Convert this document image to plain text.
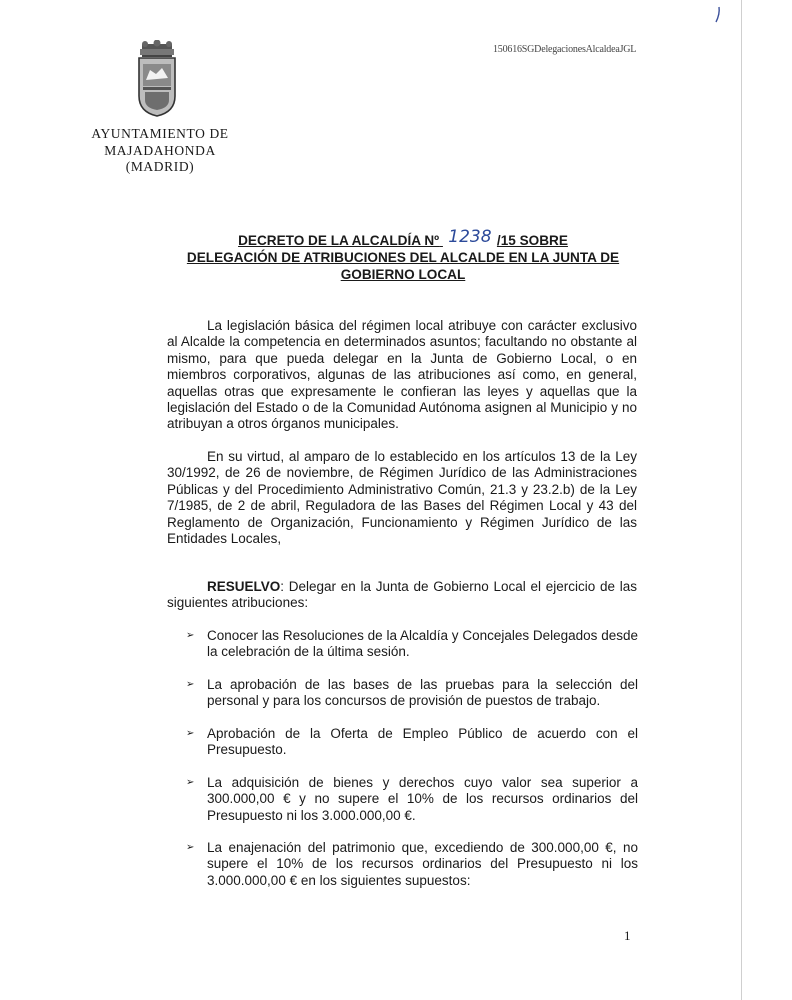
150616SGDelegacionesAlcaldeaJGL
AYUNTAMIENTO DE
MAJADAHONDA
(MADRID)
DECRETO DE LA ALCALDÍA Nº 1238 /15 SOBRE
DELEGACIÓN DE ATRIBUCIONES DEL ALCALDE EN LA JUNTA DE
GOBIERNO LOCAL
La legislación básica del régimen local atribuye con carácter exclusivo al Alcalde la competencia en determinados asuntos; facultando no obstante al mismo, para que pueda delegar en la Junta de Gobierno Local, o en miembros corporativos, algunas de las atribuciones así como, en general, aquellas otras que expresamente le confieran las leyes y aquellas que la legislación del Estado o de la Comunidad Autónoma asignen al Municipio y no atribuyan a otros órganos municipales.
En su virtud, al amparo de lo establecido en los artículos 13 de la Ley 30/1992, de 26 de noviembre, de Régimen Jurídico de las Administraciones Públicas y del Procedimiento Administrativo Común, 21.3 y 23.2.b) de la Ley 7/1985, de 2 de abril, Reguladora de las Bases del Régimen Local y 43 del Reglamento de Organización, Funcionamiento y Régimen Jurídico de las Entidades Locales,
RESUELVO: Delegar en la Junta de Gobierno Local el ejercicio de las siguientes atribuciones:
➢ Conocer las Resoluciones de la Alcaldía y Concejales Delegados desde la celebración de la última sesión.
➢ La aprobación de las bases de las pruebas para la selección del personal y para los concursos de provisión de puestos de trabajo.
➢ Aprobación de la Oferta de Empleo Público de acuerdo con el Presupuesto.
➢ La adquisición de bienes y derechos cuyo valor sea superior a 300.000,00 € y no supere el 10% de los recursos ordinarios del Presupuesto ni los 3.000.000,00 €.
➢ La enajenación del patrimonio que, excediendo de 300.000,00 €, no supere el 10% de los recursos ordinarios del Presupuesto ni los 3.000.000,00 € en los siguientes supuestos:
1
